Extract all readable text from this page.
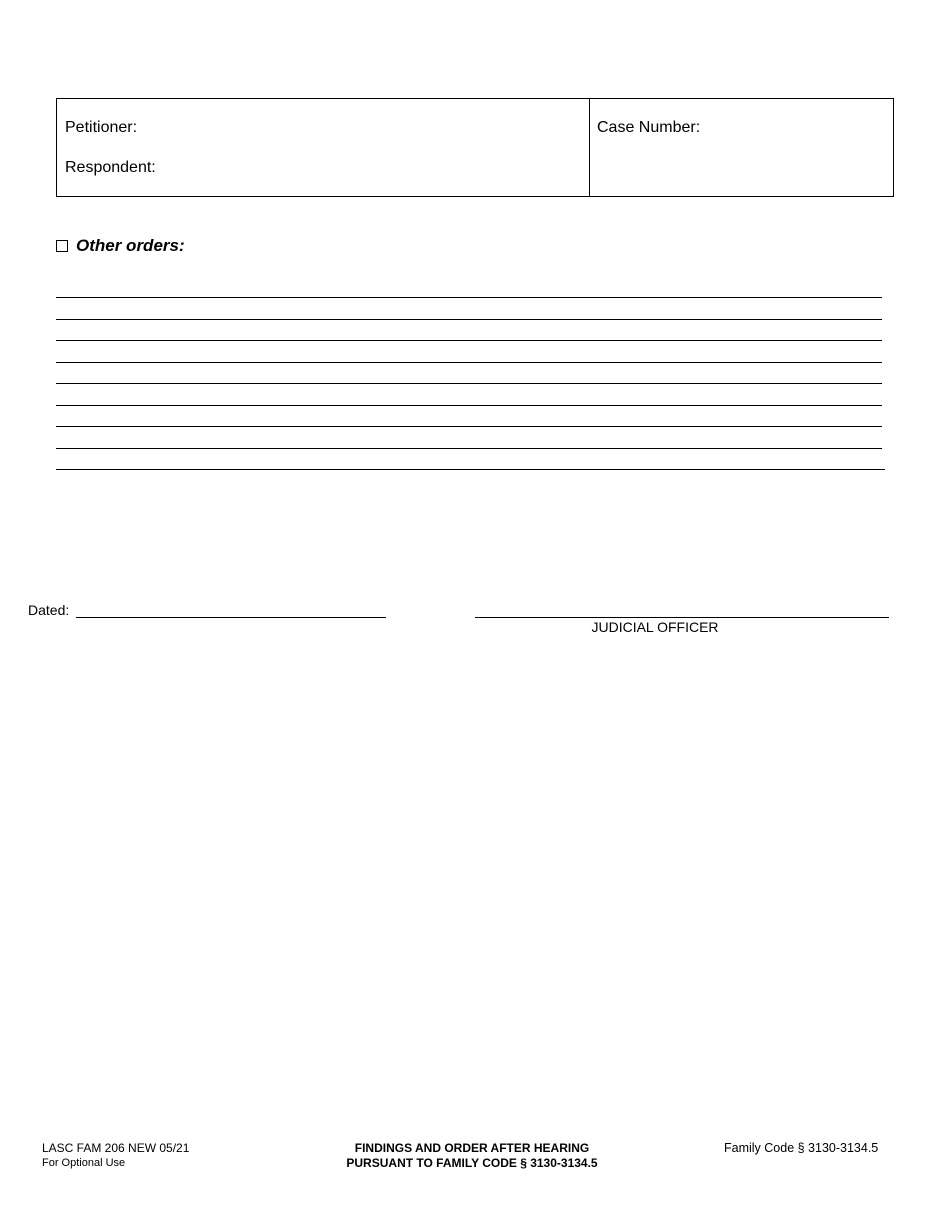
Petitioner:
Respondent:
Case Number:
Other orders:
Dated:
JUDICIAL OFFICER
LASC FAM 206 NEW 05/21
For Optional Use
FINDINGS AND ORDER AFTER HEARING
PURSUANT TO FAMILY CODE § 3130-3134.5
Family Code § 3130-3134.5
